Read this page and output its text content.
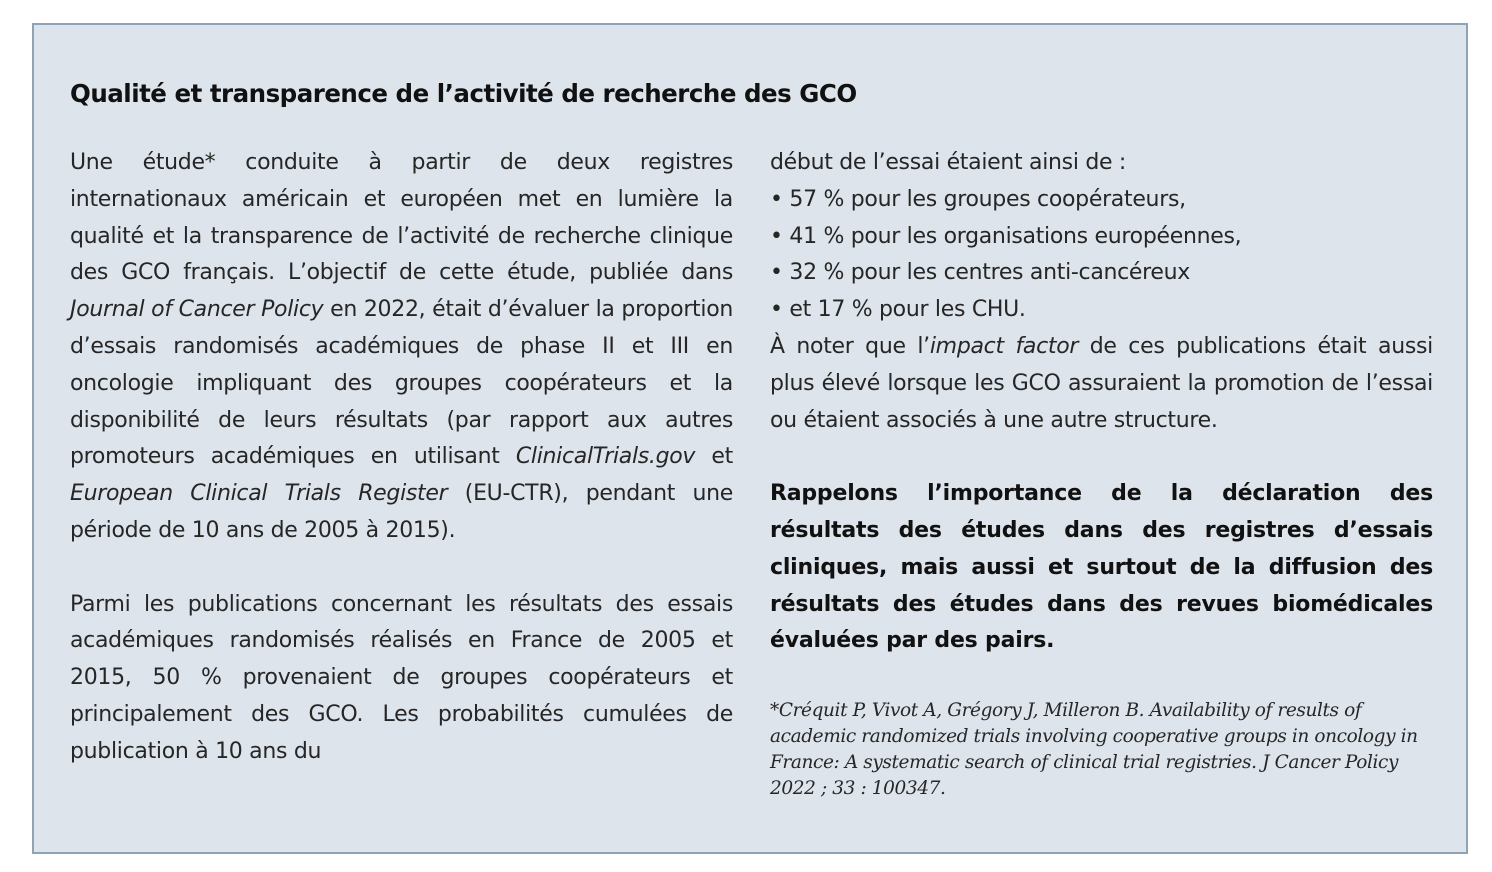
Qualité et transparence de l’activité de recherche des GCO

Une étude* conduite à partir de deux registres internationaux américain et européen met en lumière la qualité et la transparence de l’activité de recherche clinique des GCO français. L’objectif de cette étude, publiée dans Journal of Cancer Policy en 2022, était d’évaluer la proportion d’essais randomisés académiques de phase II et III en oncologie impliquant des groupes coopérateurs et la disponibilité de leurs résultats (par rapport aux autres promoteurs académiques en utilisant ClinicalTrials.gov et European Clinical Trials Register (EU-CTR), pendant une période de 10 ans de 2005 à 2015).

Parmi les publications concernant les résultats des essais académiques randomisés réalisés en France de 2005 et 2015, 50 % provenaient de groupes coopérateurs et principalement des GCO. Les probabilités cumulées de publication à 10 ans du

début de l’essai étaient ainsi de :

• 57 % pour les groupes coopérateurs,
• 41 % pour les organisations européennes,
• 32 % pour les centres anti-cancéreux
• et 17 % pour les CHU.

À noter que l’impact factor de ces publications était aussi plus élevé lorsque les GCO assuraient la promotion de l’essai ou étaient associés à une autre structure.

Rappelons l’importance de la déclaration des résultats des études dans des registres d’essais cliniques, mais aussi et surtout de la diffusion des résultats des études dans des revues biomédicales évaluées par des pairs.

*Créquit P, Vivot A, Grégory J, Milleron B. Availability of results of academic randomized trials involving cooperative groups in oncology in France: A systematic search of clinical trial registries. J Cancer Policy 2022 ; 33 : 100347.
